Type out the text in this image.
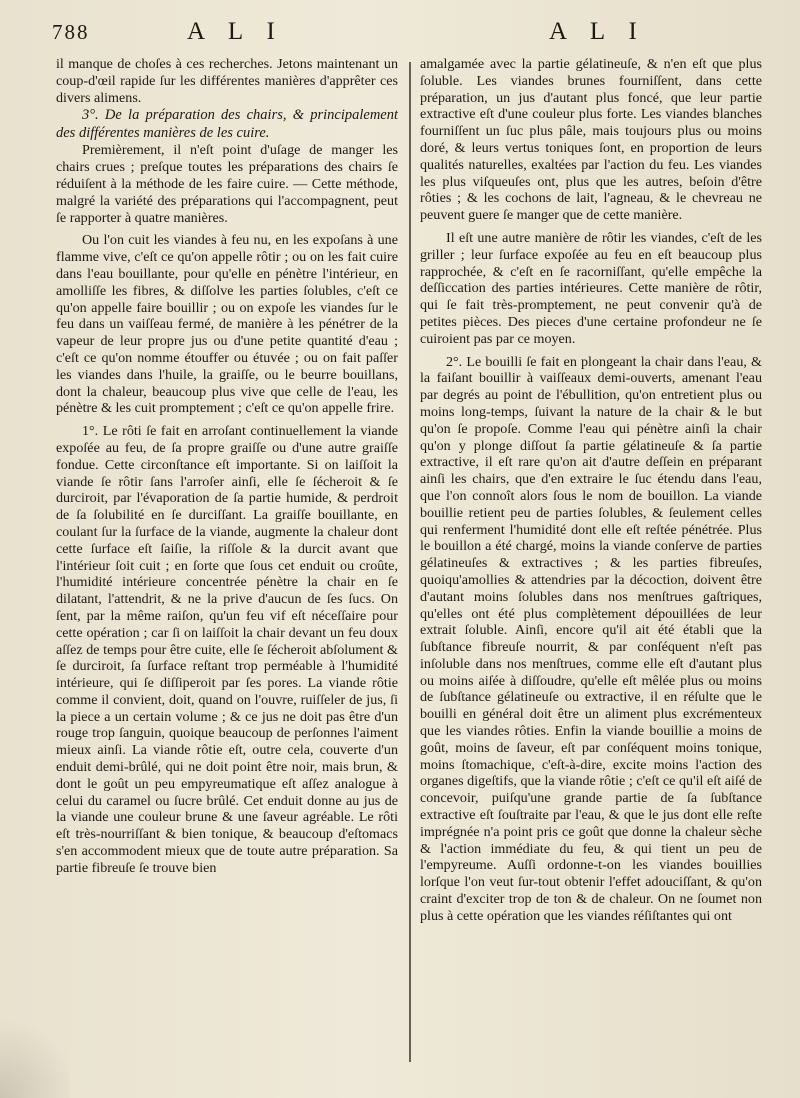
788	A L I	A L I

il manque de choſes à ces recherches. Jetons maintenant un coup-d'œil rapide ſur les différentes manières d'apprêter ces divers alimens.

3°. De la préparation des chairs, & principalement des différentes manières de les cuire.

Premièrement, il n'eſt point d'uſage de manger les chairs crues ; preſque toutes les préparations des chairs ſe réduiſent à la méthode de les faire cuire. — Cette méthode, malgré la variété des préparations qui l'accompagnent, peut ſe rapporter à quatre manières.

Ou l'on cuit les viandes à feu nu, en les expoſans à une flamme vive, c'eſt ce qu'on appelle rôtir ; ou on les fait cuire dans l'eau bouillante, pour qu'elle en pénètre l'intérieur, en amolliſſe les fibres, & diſſolve les parties ſolubles, c'eſt ce qu'on appelle faire bouillir ; ou on expoſe les viandes ſur le feu dans un vaiſſeau fermé, de manière à les pénétrer de la vapeur de leur propre jus ou d'une petite quantité d'eau ; c'eſt ce qu'on nomme étouffer ou étuvée ; ou on fait paſſer les viandes dans l'huile, la graiſſe, ou le beurre bouillans, dont la chaleur, beaucoup plus vive que celle de l'eau, les pénètre & les cuit promptement ; c'eſt ce qu'on appelle frire.

1°. Le rôti ſe fait en arroſant continuellement la viande expoſée au feu, de ſa propre graiſſe ou d'une autre graiſſe fondue. Cette circonſtance eſt importante. Si on laiſſoit la viande ſe rôtir ſans l'arroſer ainſi, elle ſe ſécheroit & ſe durciroit, par l'évaporation de ſa partie humide, & perdroit de ſa ſolubilité en ſe durciſſant. La graiſſe bouillante, en coulant ſur la ſurface de la viande, augmente la chaleur dont cette ſurface eſt ſaiſie, la riſſole & la durcit avant que l'intérieur ſoit cuit ; en ſorte que ſous cet enduit ou croûte, l'humidité intérieure concentrée pénètre la chair en ſe dilatant, l'attendrit, & ne la prive d'aucun de ſes ſucs. On ſent, par la même raiſon, qu'un feu vif eſt néceſſaire pour cette opération ; car ſi on laiſſoit la chair devant un feu doux aſſez de temps pour être cuite, elle ſe ſécheroit abſolument & ſe durciroit, ſa ſurface reſtant trop perméable à l'humidité intérieure, qui ſe diſſiperoit par ſes pores. La viande rôtie comme il convient, doit, quand on l'ouvre, ruiſſeler de jus, ſi la piece a un certain volume ; & ce jus ne doit pas être d'un rouge trop ſanguin, quoique beaucoup de perſonnes l'aiment mieux ainſi. La viande rôtie eſt, outre cela, couverte d'un enduit demi-brûlé, qui ne doit point être noir, mais brun, & dont le goût un peu empyreumatique eſt aſſez analogue à celui du caramel ou ſucre brûlé. Cet enduit donne au jus de la viande une couleur brune & une ſaveur agréable. Le rôti eſt très-nourriſſant & bien tonique, & beaucoup d'eſtomacs s'en accommodent mieux que de toute autre préparation. Sa partie fibreuſe ſe trouve bien

amalgamée avec la partie gélatineuſe, & n'en eſt que plus ſoluble. Les viandes brunes fourniſſent, dans cette préparation, un jus d'autant plus foncé, que leur partie extractive eſt d'une couleur plus forte. Les viandes blanches fourniſſent un ſuc plus pâle, mais toujours plus ou moins doré, & leurs vertus toniques ſont, en proportion de leurs qualités naturelles, exaltées par l'action du feu. Les viandes les plus viſqueuſes ont, plus que les autres, beſoin d'être rôties ; & les cochons de lait, l'agneau, & le chevreau ne peuvent guere ſe manger que de cette manière.

Il eſt une autre manière de rôtir les viandes, c'eſt de les griller ; leur ſurface expoſée au feu en eſt beaucoup plus rapprochée, & c'eſt en ſe racorniſſant, qu'elle empêche la deſſiccation des parties intérieures. Cette manière de rôtir, qui ſe fait très-promptement, ne peut convenir qu'à de petites pièces. Des pieces d'une certaine profondeur ne ſe cuiroient pas par ce moyen.

2°. Le bouilli ſe fait en plongeant la chair dans l'eau, & la faiſant bouillir à vaiſſeaux demi-ouverts, amenant l'eau par degrés au point de l'ébullition, qu'on entretient plus ou moins long-temps, ſuivant la nature de la chair & le but qu'on ſe propoſe. Comme l'eau qui pénètre ainſi la chair qu'on y plonge diſſout ſa partie gélatineuſe & ſa partie extractive, il eſt rare qu'on ait d'autre deſſein en préparant ainſi les chairs, que d'en extraire le ſuc étendu dans l'eau, que l'on connoît alors ſous le nom de bouillon. La viande bouillie retient peu de parties ſolubles, & ſeulement celles qui renferment l'humidité dont elle eſt reſtée pénétrée. Plus le bouillon a été chargé, moins la viande conſerve de parties gélatineuſes & extractives ; & les parties fibreuſes, quoiqu'amollies & attendries par la décoction, doivent être d'autant moins ſolubles dans nos menſtrues gaſtriques, qu'elles ont été plus complètement dépouillées de leur extrait ſoluble. Ainſi, encore qu'il ait été établi que la ſubſtance fibreuſe nourrit, & par conſéquent n'eſt pas inſoluble dans nos menſtrues, comme elle eſt d'autant plus ou moins aiſée à diſſoudre, qu'elle eſt mêlée plus ou moins de ſubſtance gélatineuſe ou extractive, il en réſulte que le bouilli en général doit être un aliment plus excrémenteux que les viandes rôties. Enfin la viande bouillie a moins de goût, moins de ſaveur, eſt par conſéquent moins tonique, moins ſtomachique, c'eſt-à-dire, excite moins l'action des organes digeſtifs, que la viande rôtie ; c'eſt ce qu'il eſt aiſé de concevoir, puiſqu'une grande partie de ſa ſubſtance extractive eſt ſouſtraite par l'eau, & que le jus dont elle reſte imprégnée n'a point pris ce goût que donne la chaleur sèche & l'action immédiate du feu, & qui tient un peu de l'empyreume. Auſſi ordonne-t-on les viandes bouillies lorſque l'on veut ſur-tout obtenir l'effet adouciſſant, & qu'on craint d'exciter trop de ton & de chaleur. On ne ſoumet non plus à cette opération que les viandes réſiſtantes qui ont
